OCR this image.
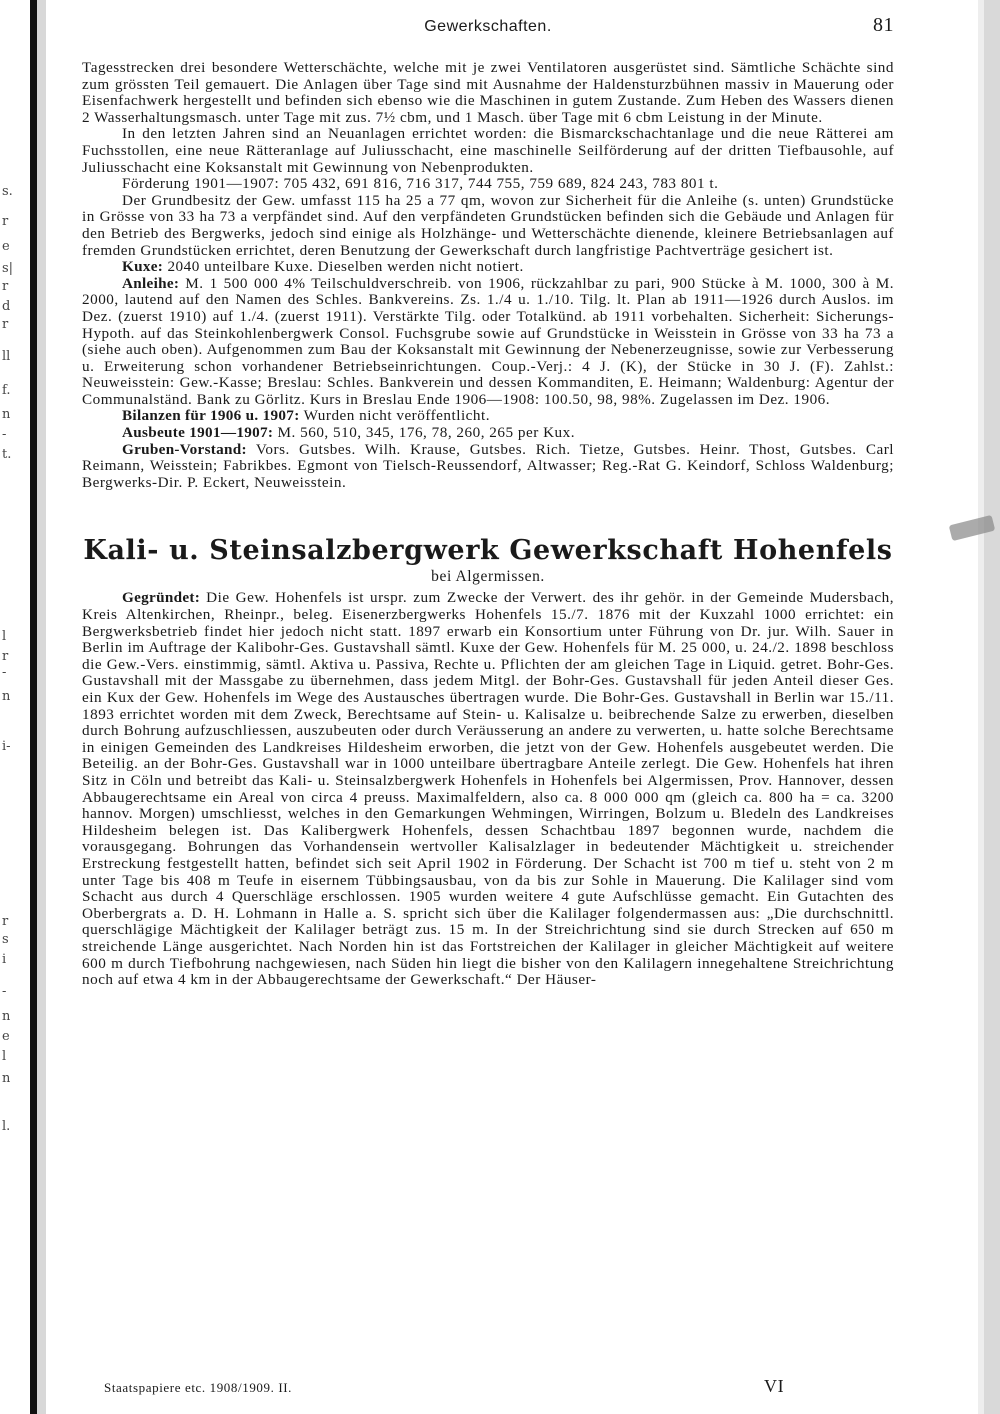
s.
r
e
s|
r
d
r
ll
f.
n
-
t.
l
r
-
n
i-
r
s
i
-
n
e
l
n
l.
Gewerkschaften.	81

Tagesstrecken drei besondere Wetterschächte, welche mit je zwei Ventilatoren ausgerüstet sind. Sämtliche Schächte sind zum grössten Teil gemauert. Die Anlagen über Tage sind mit Ausnahme der Haldensturzbühnen massiv in Mauerung oder Eisenfachwerk hergestellt und befinden sich ebenso wie die Maschinen in gutem Zustande. Zum Heben des Wassers dienen 2 Wasserhaltungsmasch. unter Tage mit zus. 7½ cbm, und 1 Masch. über Tage mit 6 cbm Leistung in der Minute.

In den letzten Jahren sind an Neuanlagen errichtet worden: die Bismarckschachtanlage und die neue Rätterei am Fuchsstollen, eine neue Rätteranlage auf Juliusschacht, eine maschinelle Seilförderung auf der dritten Tiefbausohle, auf Juliusschacht eine Koksanstalt mit Gewinnung von Nebenprodukten.

Förderung 1901—1907: 705 432, 691 816, 716 317, 744 755, 759 689, 824 243, 783 801 t.

Der Grundbesitz der Gew. umfasst 115 ha 25 a 77 qm, wovon zur Sicherheit für die Anleihe (s. unten) Grundstücke in Grösse von 33 ha 73 a verpfändet sind. Auf den verpfändeten Grundstücken befinden sich die Gebäude und Anlagen für den Betrieb des Bergwerks, jedoch sind einige als Holzhänge- und Wetterschächte dienende, kleinere Betriebsanlagen auf fremden Grundstücken errichtet, deren Benutzung der Gewerkschaft durch langfristige Pachtverträge gesichert ist.

Kuxe: 2040 unteilbare Kuxe. Dieselben werden nicht notiert.

Anleihe: M. 1 500 000 4% Teilschuldverschreib. von 1906, rückzahlbar zu pari, 900 Stücke à M. 1000, 300 à M. 2000, lautend auf den Namen des Schles. Bankvereins. Zs. 1./4 u. 1./10. Tilg. lt. Plan ab 1911—1926 durch Auslos. im Dez. (zuerst 1910) auf 1./4. (zuerst 1911). Verstärkte Tilg. oder Totalkünd. ab 1911 vorbehalten. Sicherheit: Sicherungs-Hypoth. auf das Steinkohlenbergwerk Consol. Fuchsgrube sowie auf Grundstücke in Weisstein in Grösse von 33 ha 73 a (siehe auch oben). Aufgenommen zum Bau der Koksanstalt mit Gewinnung der Nebenerzeugnisse, sowie zur Verbesserung u. Erweiterung schon vorhandener Betriebseinrichtungen. Coup.-Verj.: 4 J. (K), der Stücke in 30 J. (F). Zahlst.: Neuweisstein: Gew.-Kasse; Breslau: Schles. Bankverein und dessen Kommanditen, E. Heimann; Waldenburg: Agentur der Communalständ. Bank zu Görlitz. Kurs in Breslau Ende 1906—1908: 100.50, 98, 98%. Zugelassen im Dez. 1906.

Bilanzen für 1906 u. 1907: Wurden nicht veröffentlicht.

Ausbeute 1901—1907: M. 560, 510, 345, 176, 78, 260, 265 per Kux.

Gruben-Vorstand: Vors. Gutsbes. Wilh. Krause, Gutsbes. Rich. Tietze, Gutsbes. Heinr. Thost, Gutsbes. Carl Reimann, Weisstein; Fabrikbes. Egmont von Tielsch-Reussendorf, Altwasser; Reg.-Rat G. Keindorf, Schloss Waldenburg; Bergwerks-Dir. P. Eckert, Neuweisstein.

Kali- u. Steinsalzbergwerk Gewerkschaft Hohenfels
bei Algermissen.

Gegründet: Die Gew. Hohenfels ist urspr. zum Zwecke der Verwert. des ihr gehör. in der Gemeinde Mudersbach, Kreis Altenkirchen, Rheinpr., beleg. Eisenerzbergwerks Hohenfels 15./7. 1876 mit der Kuxzahl 1000 errichtet: ein Bergwerksbetrieb findet hier jedoch nicht statt. 1897 erwarb ein Konsortium unter Führung von Dr. jur. Wilh. Sauer in Berlin im Auftrage der Kalibohr-Ges. Gustavshall sämtl. Kuxe der Gew. Hohenfels für M. 25 000, u. 24./2. 1898 beschloss die Gew.-Vers. einstimmig, sämtl. Aktiva u. Passiva, Rechte u. Pflichten der am gleichen Tage in Liquid. getret. Bohr-Ges. Gustavshall mit der Massgabe zu übernehmen, dass jedem Mitgl. der Bohr-Ges. Gustavshall für jeden Anteil dieser Ges. ein Kux der Gew. Hohenfels im Wege des Austausches übertragen wurde. Die Bohr-Ges. Gustavshall in Berlin war 15./11. 1893 errichtet worden mit dem Zweck, Berechtsame auf Stein- u. Kalisalze u. beibrechende Salze zu erwerben, dieselben durch Bohrung aufzuschliessen, auszubeuten oder durch Veräusserung an andere zu verwerten, u. hatte solche Berechtsame in einigen Gemeinden des Landkreises Hildesheim erworben, die jetzt von der Gew. Hohenfels ausgebeutet werden. Die Beteilig. an der Bohr-Ges. Gustavshall war in 1000 unteilbare übertragbare Anteile zerlegt. Die Gew. Hohenfels hat ihren Sitz in Cöln und betreibt das Kali- u. Steinsalzbergwerk Hohenfels in Hohenfels bei Algermissen, Prov. Hannover, dessen Abbaugerechtsame ein Areal von circa 4 preuss. Maximalfeldern, also ca. 8 000 000 qm (gleich ca. 800 ha = ca. 3200 hannov. Morgen) umschliesst, welches in den Gemarkungen Wehmingen, Wirringen, Bolzum u. Bledeln des Landkreises Hildesheim belegen ist. Das Kalibergwerk Hohenfels, dessen Schachtbau 1897 begonnen wurde, nachdem die vorausgegang. Bohrungen das Vorhandensein wertvoller Kalisalzlager in bedeutender Mächtigkeit u. streichender Erstreckung festgestellt hatten, befindet sich seit April 1902 in Förderung. Der Schacht ist 700 m tief u. steht von 2 m unter Tage bis 408 m Teufe in eisernem Tübbingsausbau, von da bis zur Sohle in Mauerung. Die Kalilager sind vom Schacht aus durch 4 Querschläge erschlossen. 1905 wurden weitere 4 gute Aufschlüsse gemacht. Ein Gutachten des Oberbergrats a. D. H. Lohmann in Halle a. S. spricht sich über die Kalilager folgendermassen aus: „Die durchschnittl. querschlägige Mächtigkeit der Kalilager beträgt zus. 15 m. In der Streichrichtung sind sie durch Strecken auf 650 m streichende Länge ausgerichtet. Nach Norden hin ist das Fortstreichen der Kalilager in gleicher Mächtigkeit auf weitere 600 m durch Tiefbohrung nachgewiesen, nach Süden hin liegt die bisher von den Kalilagern innegehaltene Streichrichtung noch auf etwa 4 km in der Abbaugerechtsame der Gewerkschaft.“ Der Häuser-

Staatspapiere etc. 1908/1909. II.	VI
